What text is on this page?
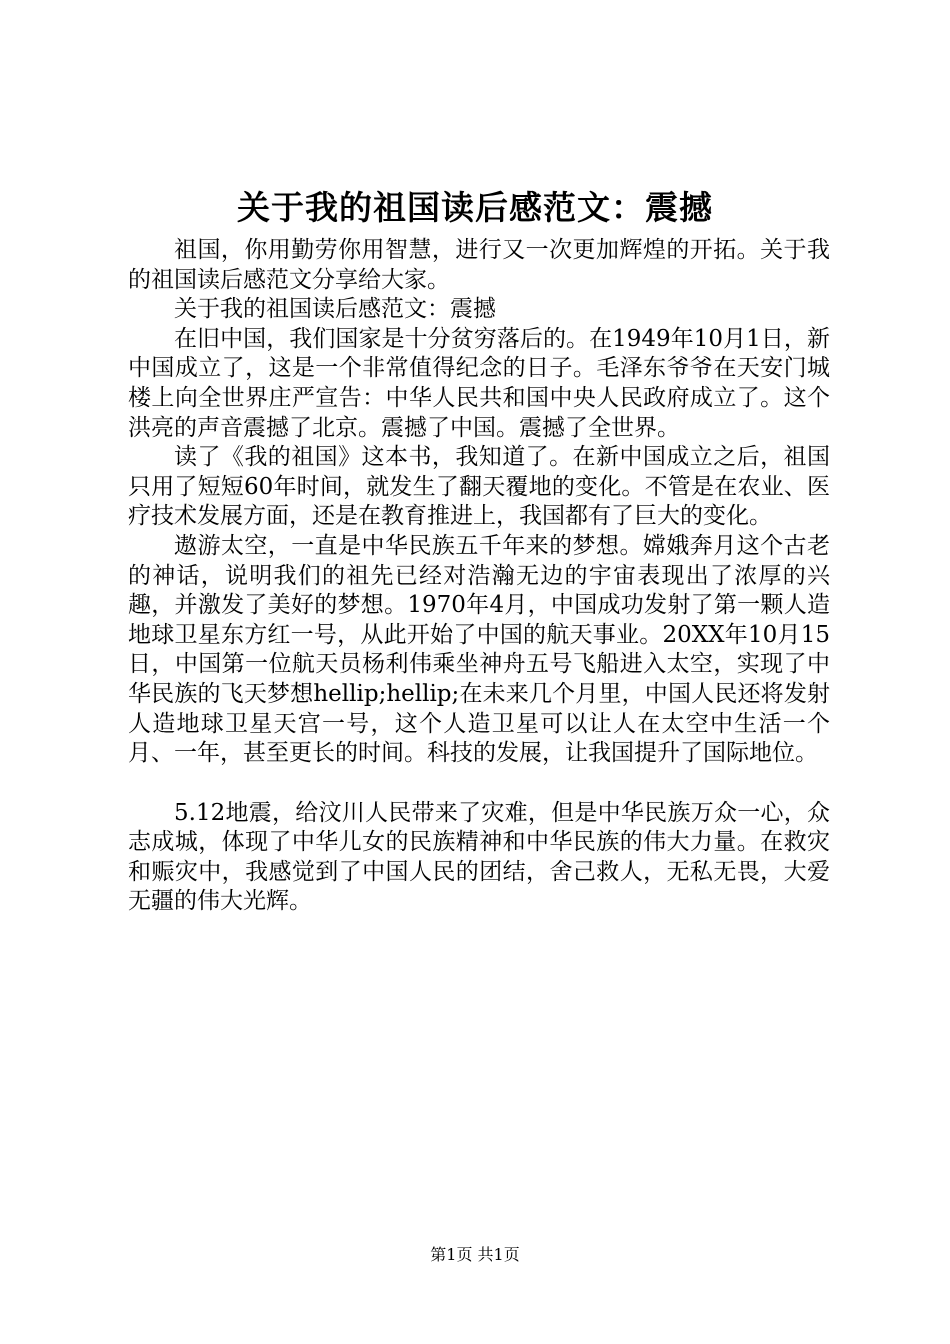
关于我的祖国读后感范文：震撼

祖国，你用勤劳你用智慧，进行又一次更加辉煌的开拓。关于我的祖国读后感范文分享给大家。

关于我的祖国读后感范文：震撼

在旧中国，我们国家是十分贫穷落后的。在1949年10月1日，新中国成立了，这是一个非常值得纪念的日子。毛泽东爷爷在天安门城楼上向全世界庄严宣告：中华人民共和国中央人民政府成立了。这个洪亮的声音震撼了北京。震撼了中国。震撼了全世界。

读了《我的祖国》这本书，我知道了。在新中国成立之后，祖国只用了短短60年时间，就发生了翻天覆地的变化。不管是在农业、医疗技术发展方面，还是在教育推进上，我国都有了巨大的变化。

遨游太空，一直是中华民族五千年来的梦想。嫦娥奔月这个古老的神话，说明我们的祖先已经对浩瀚无边的宇宙表现出了浓厚的兴趣，并激发了美好的梦想。1970年4月，中国成功发射了第一颗人造地球卫星东方红一号，从此开始了中国的航天事业。20XX年10月15日，中国第一位航天员杨利伟乘坐神舟五号飞船进入太空，实现了中华民族的飞天梦想hellip;hellip;在未来几个月里，中国人民还将发射人造地球卫星天宫一号，这个人造卫星可以让人在太空中生活一个月、一年，甚至更长的时间。科技的发展，让我国提升了国际地位。

5.12地震，给汶川人民带来了灾难，但是中华民族万众一心，众志成城，体现了中华儿女的民族精神和中华民族的伟大力量。在救灾和赈灾中，我感觉到了中国人民的团结，舍己救人，无私无畏，大爱无疆的伟大光辉。

第1页 共1页
